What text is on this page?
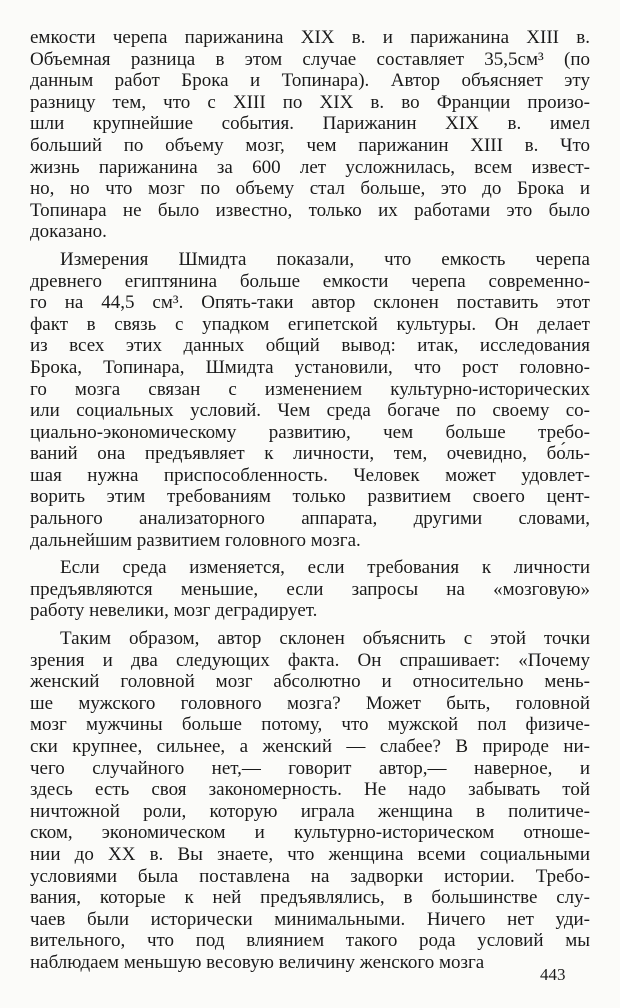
емкости черепа парижанина XIX в. и парижанина XIII в.
Объемная разница в этом случае составляет 35,5см³ (по
данным работ Брока и Топинара). Автор объясняет эту
разницу тем, что с XIII по XIX в. во Франции произо-
шли крупнейшие события. Парижанин XIX в. имел
больший по объему мозг, чем парижанин XIII в. Что
жизнь парижанина за 600 лет усложнилась, всем извест-
но, но что мозг по объему стал больше, это до Брока и
Топинара не было известно, только их работами это было
доказано.
Измерения Шмидта показали, что емкость черепа
древнего египтянина больше емкости черепа современно-
го на 44,5 см³. Опять-таки автор склонен поставить этот
факт в связь с упадком египетской культуры. Он делает
из всех этих данных общий вывод: итак, исследования
Брока, Топинара, Шмидта установили, что рост головно-
го мозга связан с изменением культурно-исторических
или социальных условий. Чем среда богаче по своему со-
циально-экономическому развитию, чем больше требо-
ваний она предъявляет к личности, тем, очевидно, бо́ль-
шая нужна приспособленность. Человек может удовлет-
ворить этим требованиям только развитием своего цент-
рального анализаторного аппарата, другими словами,
дальнейшим развитием головного мозга.
Если среда изменяется, если требования к личности
предъявляются меньшие, если запросы на «мозговую»
работу невелики, мозг деградирует.
Таким образом, автор склонен объяснить с этой точки
зрения и два следующих факта. Он спрашивает: «Почему
женский головной мозг абсолютно и относительно мень-
ше мужского головного мозга? Может быть, головной
мозг мужчины больше потому, что мужской пол физиче-
ски крупнее, сильнее, а женский — слабее? В природе ни-
чего случайного нет,— говорит автор,— наверное, и
здесь есть своя закономерность. Не надо забывать той
ничтожной роли, которую играла женщина в политиче-
ском, экономическом и культурно-историческом отноше-
нии до XX в. Вы знаете, что женщина всеми социальными
условиями была поставлена на задворки истории. Требо-
вания, которые к ней предъявлялись, в большинстве слу-
чаев были исторически минимальными. Ничего нет уди-
вительного, что под влиянием такого рода условий мы
наблюдаем меньшую весовую величину женского мозга
443
